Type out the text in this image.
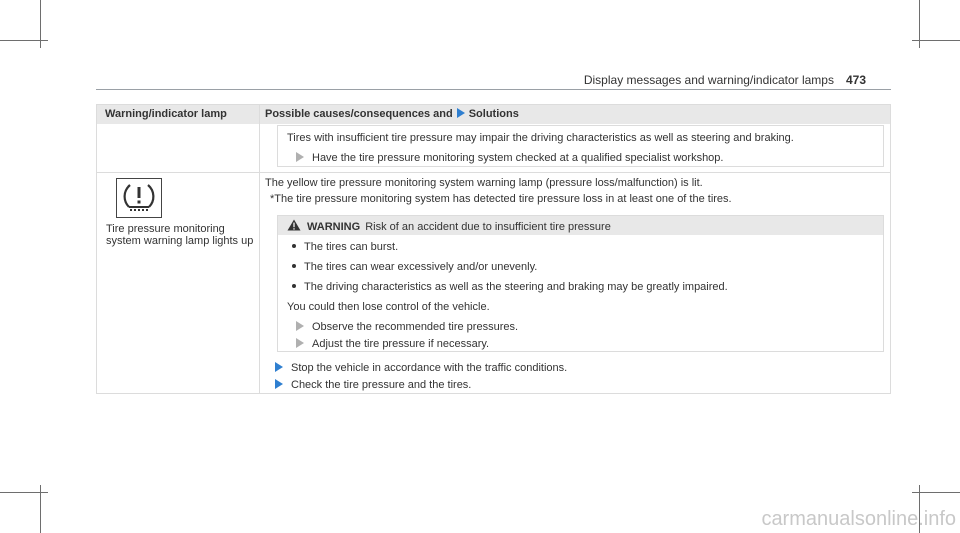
Display messages and warning/indicator lamps 473
Warning/indicator lamp	Possible causes/consequences and Solutions
Tires with insufficient tire pressure may impair the driving characteristics as well as steering and braking.
Have the tire pressure monitoring system checked at a qualified specialist workshop.
Tire pressure monitoring system warning lamp lights up
The yellow tire pressure monitoring system warning lamp (pressure loss/malfunction) is lit.
*The tire pressure monitoring system has detected tire pressure loss in at least one of the tires.
WARNING Risk of an accident due to insufficient tire pressure
The tires can burst.
The tires can wear excessively and/or unevenly.
The driving characteristics as well as the steering and braking may be greatly impaired.
You could then lose control of the vehicle.
Observe the recommended tire pressures.
Adjust the tire pressure if necessary.
Stop the vehicle in accordance with the traffic conditions.
Check the tire pressure and the tires.
carmanualsonline.info
